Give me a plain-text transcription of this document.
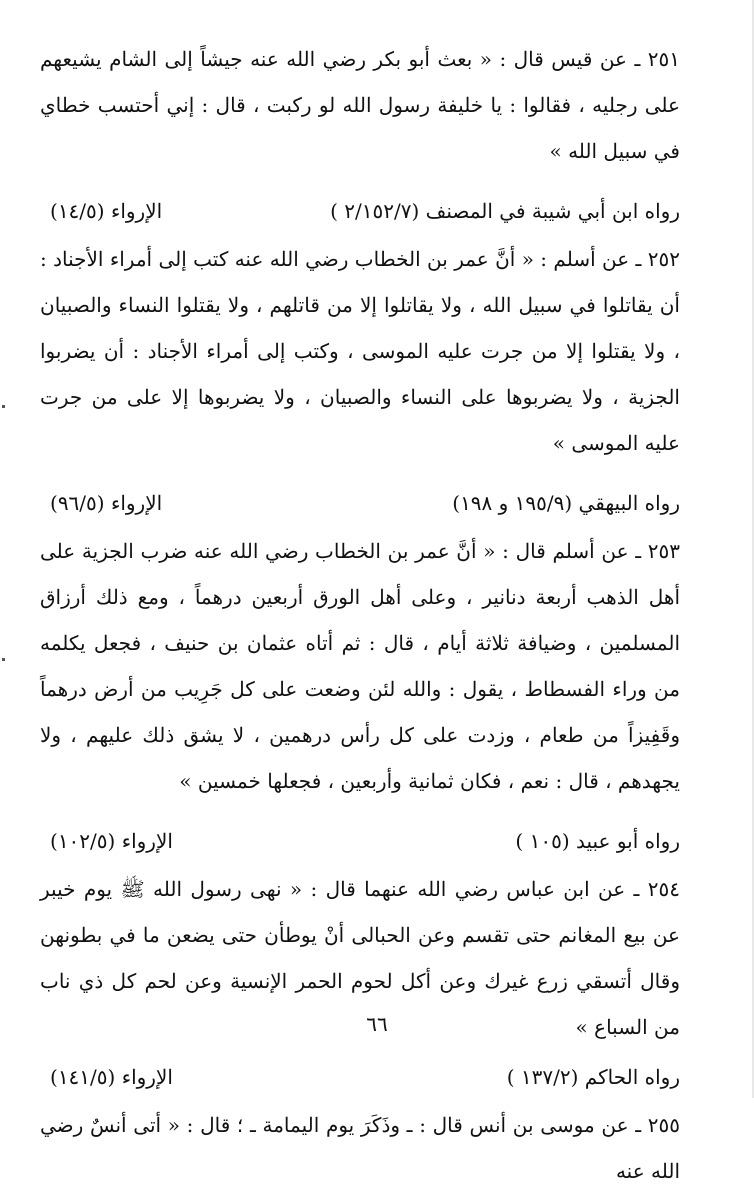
٢٥١ ـ عن قيس قال : « بعث أبو بكر رضي الله عنه جيشاً إلى الشام يشيعهم على رجليه ، فقالوا : يا خليفة رسول الله لو ركبت ، قال : إني أحتسب خطاي في سبيل الله »

رواه ابن أبي شيبة في المصنف (٢/١٥٢/٧ )
الإرواء (١٤/٥)

٢٥٢ ـ عن أسلم : « أنَّ عمر بن الخطاب رضي الله عنه كتب إلى أمراء الأجناد : أن يقاتلوا في سبيل الله ، ولا يقاتلوا إلا من قاتلهم ، ولا يقتلوا النساء والصبيان ، ولا يقتلوا إلا من جرت عليه الموسى ، وكتب إلى أمراء الأجناد : أن يضربوا الجزية ، ولا يضربوها على النساء والصبيان ، ولا يضربوها إلا على من جرت عليه الموسى »

رواه البيهقي (١٩٥/٩ و ١٩٨)
الإرواء (٩٦/٥)

٢٥٣ ـ عن أسلم قال : « أنَّ عمر بن الخطاب رضي الله عنه ضرب الجزية على أهل الذهب أربعة دنانير ، وعلى أهل الورق أربعين درهماً ، ومع ذلك أرزاق المسلمين ، وضيافة ثلاثة أيام ، قال : ثم أتاه عثمان بن حنيف ، فجعل يكلمه من وراء الفسطاط ، يقول : والله لئن وضعت على كل جَرِيب من أرض درهماً وقَفِيزاً من طعام ، وزدت على كل رأس درهمين ، لا يشق ذلك عليهم ، ولا يجهدهم ، قال : نعم ، فكان ثمانية وأربعين ، فجعلها خمسين »

رواه أبو عبيد (١٠٥ )
الإرواء (١٠٢/٥)

٢٥٤ ـ عن ابن عباس رضي الله عنهما قال : « نهى رسول الله ﷺ يوم خيبر عن بيع المغانم حتى تقسم وعن الحبالى أنْ يوطأن حتى يضعن ما في بطونهن وقال أتسقي زرع غيرك وعن أكل لحوم الحمر الإنسية وعن لحم كل ذي ناب من السباع »

رواه الحاكم (١٣٧/٢ )
الإرواء (١٤١/٥)

٢٥٥ ـ عن موسى بن أنس قال : ـ وذَكَرَ يوم اليمامة ـ ؛ قال : « أتى أنسٌ رضي الله عنه

٦٦
